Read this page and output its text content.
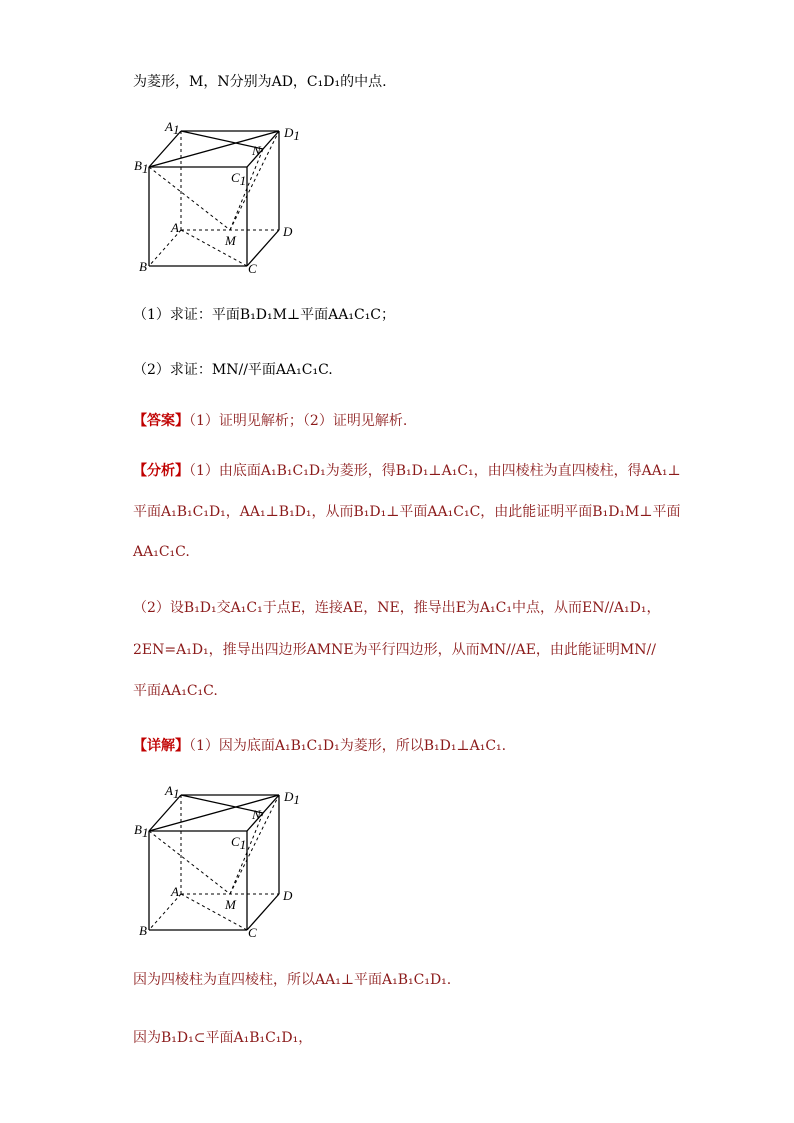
为菱形，M，N分别为AD，C₁D₁的中点.
A1	D1
B1
C1
N
A
M
D
B	C
（1）求证：平面B₁D₁M⊥平面AA₁C₁C；
（2）求证：MN//平面AA₁C₁C.
【答案】（1）证明见解析；（2）证明见解析.
【分析】（1）由底面A₁B₁C₁D₁为菱形，得B₁D₁⊥A₁C₁，由四棱柱为直四棱柱，得AA₁⊥
平面A₁B₁C₁D₁，AA₁⊥B₁D₁，从而B₁D₁⊥平面AA₁C₁C，由此能证明平面B₁D₁M⊥平面
AA₁C₁C.
（2）设B₁D₁交A₁C₁于点E，连接AE，NE，推导出E为A₁C₁中点，从而EN//A₁D₁，
2EN=A₁D₁，推导出四边形AMNE为平行四边形，从而MN//AE，由此能证明MN//
平面AA₁C₁C.
【详解】（1）因为底面A₁B₁C₁D₁为菱形，所以B₁D₁⊥A₁C₁.
A1	D1
B1
C1
N
A
M
D
B	C
因为四棱柱为直四棱柱，所以AA₁⊥平面A₁B₁C₁D₁.
因为B₁D₁⊂平面A₁B₁C₁D₁，
